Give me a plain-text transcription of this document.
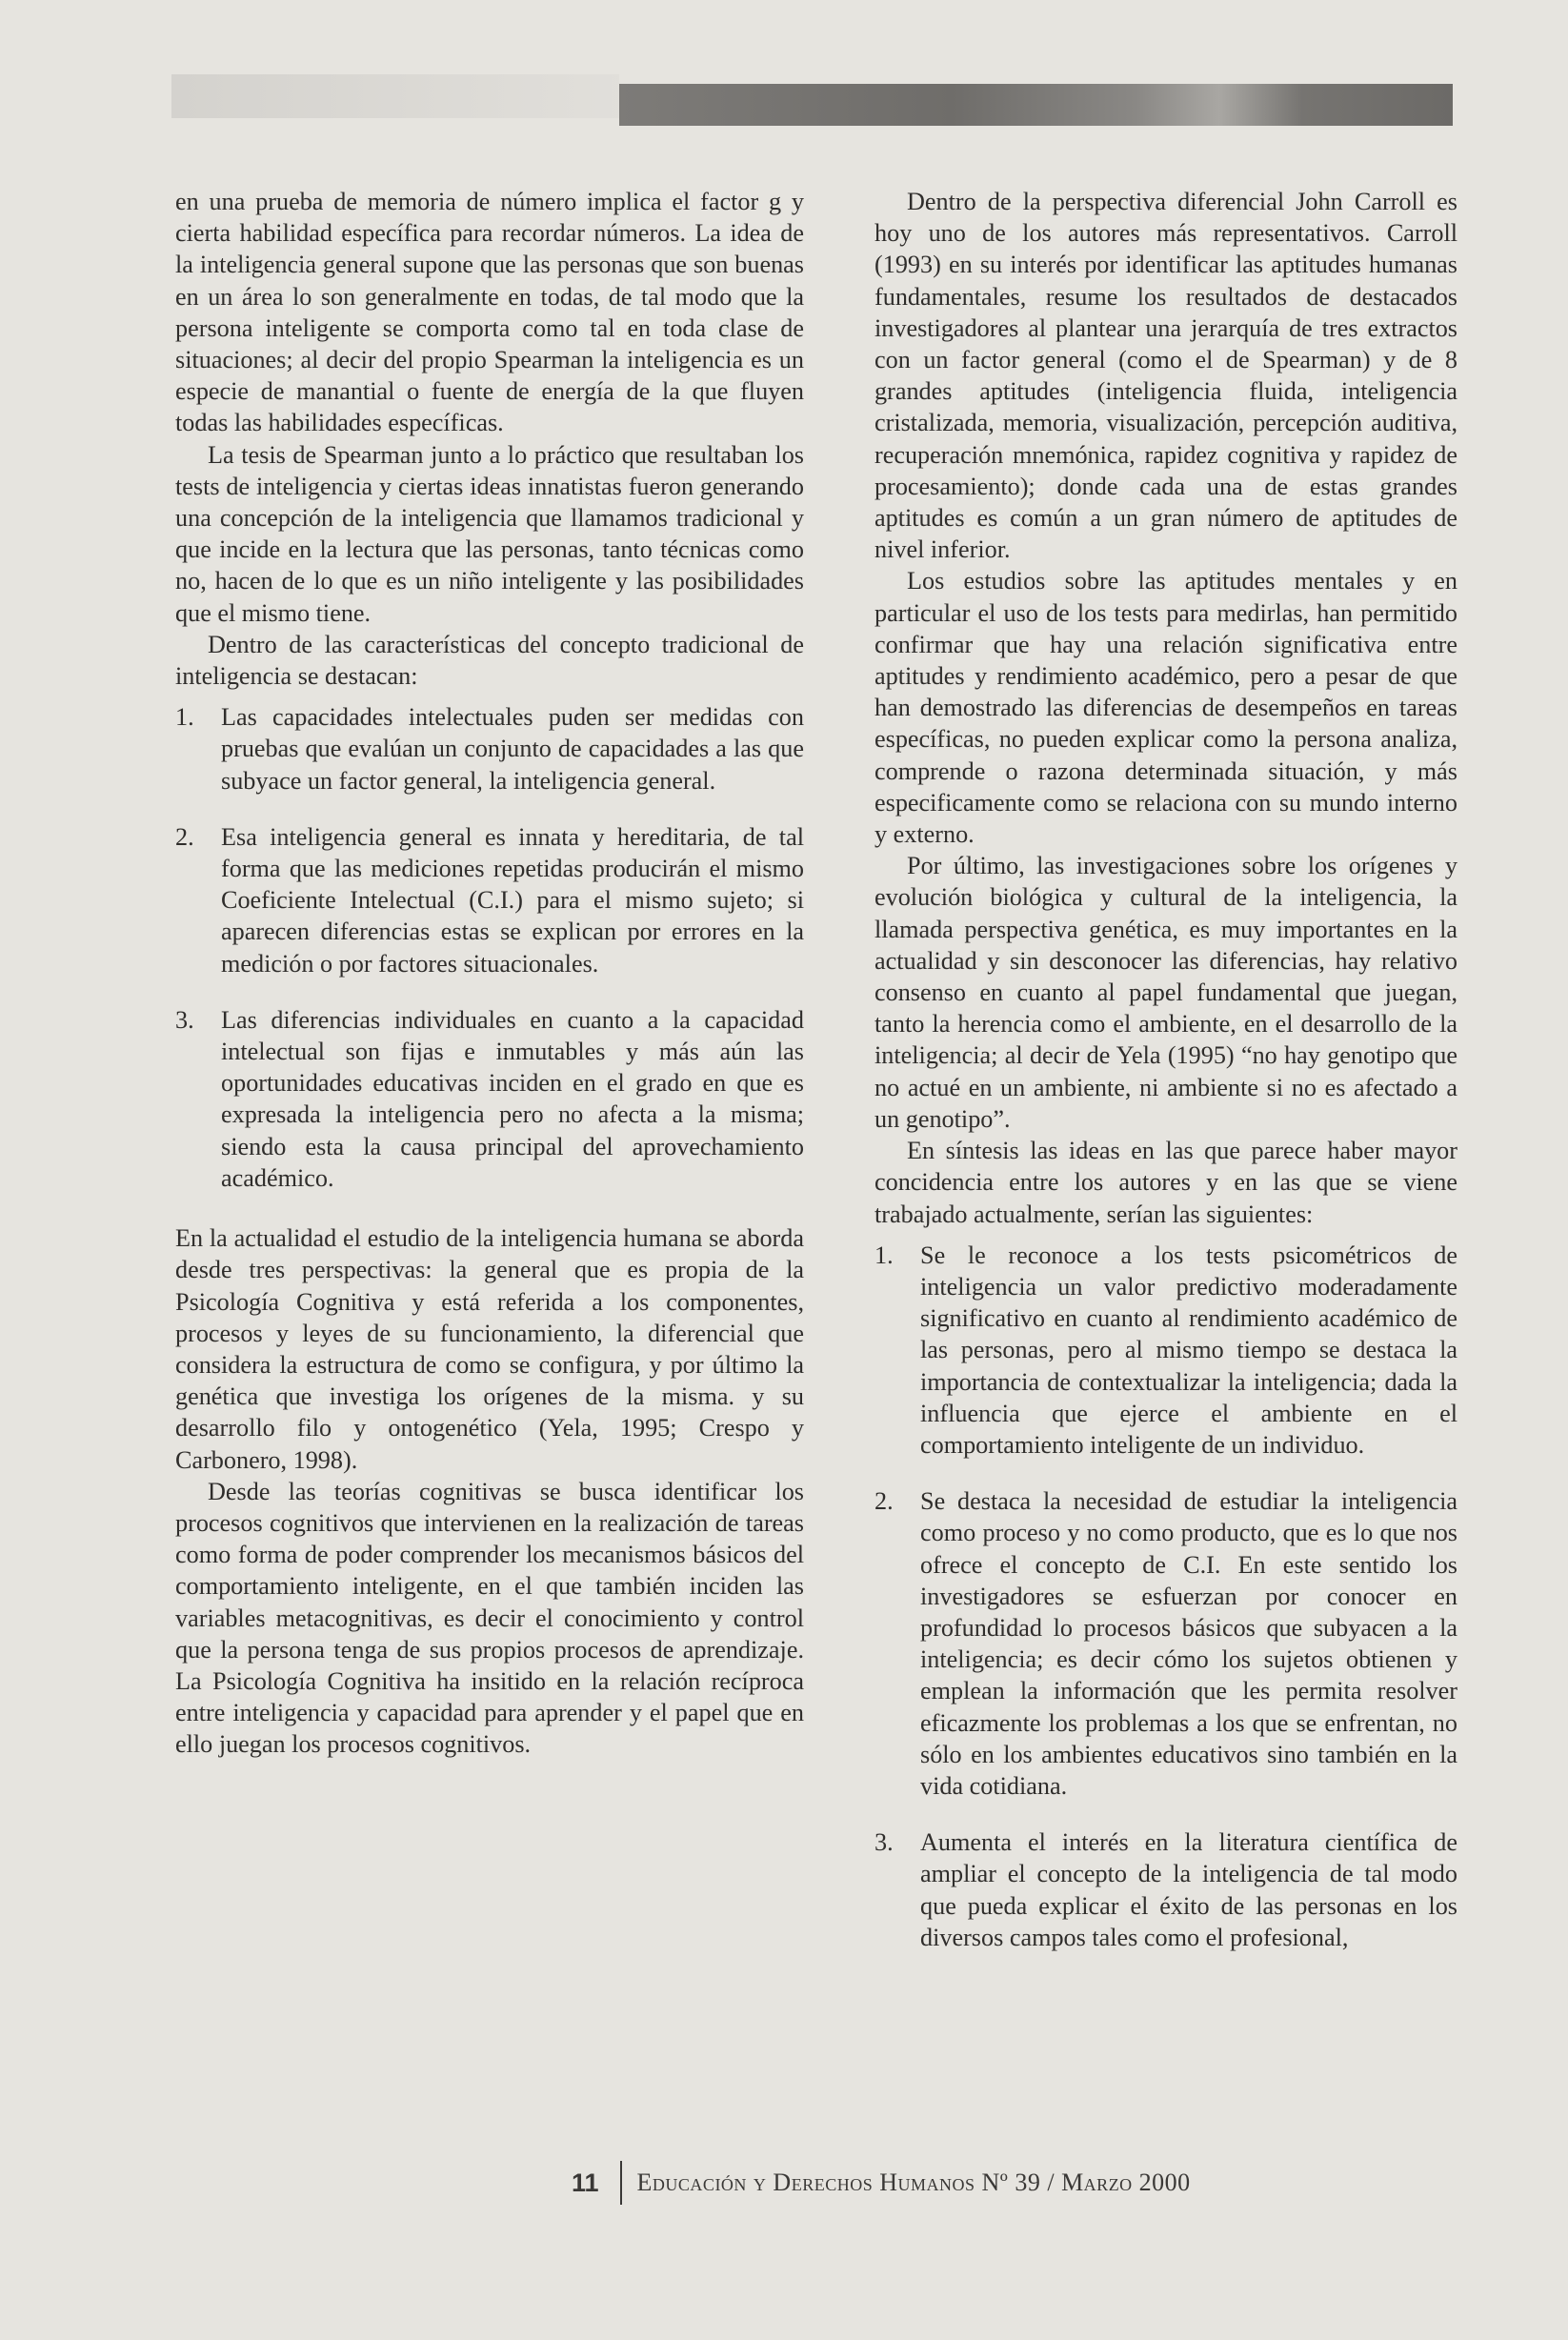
en una prueba de memoria de número implica el factor g y cierta habilidad específica para recordar números. La idea de la inteligencia general supone que las personas que son buenas en un área lo son generalmente en todas, de tal modo que la persona inteligente se comporta como tal en toda clase de situaciones; al decir del propio Spearman la inteligencia es un especie de manantial o fuente de energía de la que fluyen todas las habilidades específicas.

La tesis de Spearman junto a lo práctico que resultaban los tests de inteligencia y ciertas ideas innatistas fueron generando una concepción de la inteligencia que llamamos tradicional y que incide en la lectura que las personas, tanto técnicas como no, hacen de lo que es un niño inteligente y las posibilidades que el mismo tiene.

Dentro de las características del concepto tradicional de inteligencia se destacan:

1. Las capacidades intelectuales puden ser medidas con pruebas que evalúan un conjunto de capacidades a las que subyace un factor general, la inteligencia general.
2. Esa inteligencia general es innata y hereditaria, de tal forma que las mediciones repetidas producirán el mismo Coeficiente Intelectual (C.I.) para el mismo sujeto; si aparecen diferencias estas se explican por errores en la medición o por factores situacionales.
3. Las diferencias individuales en cuanto a la capacidad intelectual son fijas e inmutables y más aún las oportunidades educativas inciden en el grado en que es expresada la inteligencia pero no afecta a la misma; siendo esta la causa principal del aprovechamiento académico.

En la actualidad el estudio de la inteligencia humana se aborda desde tres perspectivas: la general que es propia de la Psicología Cognitiva y está referida a los componentes, procesos y leyes de su funcionamiento, la diferencial que considera la estructura de como se configura, y por último la genética que investiga los orígenes de la misma. y su desarrollo filo y ontogenético (Yela, 1995; Crespo y Carbonero, 1998).

Desde las teorías cognitivas se busca identificar los procesos cognitivos que intervienen en la realización de tareas como forma de poder comprender los mecanismos básicos del comportamiento inteligente, en el que también inciden las variables metacognitivas, es decir el conocimiento y control que la persona tenga de sus propios procesos de aprendizaje. La Psicología Cognitiva ha insitido en la relación recíproca entre inteligencia y capacidad para aprender y el papel que en ello juegan los procesos cognitivos.

Dentro de la perspectiva diferencial John Carroll es hoy uno de los autores más representativos. Carroll (1993) en su interés por identificar las aptitudes humanas fundamentales, resume los resultados de destacados investigadores al plantear una jerarquía de tres extractos con un factor general (como el de Spearman) y de 8 grandes aptitudes (inteligencia fluida, inteligencia cristalizada, memoria, visualización, percepción auditiva, recuperación mnemónica, rapidez cognitiva y rapidez de procesamiento); donde cada una de estas grandes aptitudes es común a un gran número de aptitudes de nivel inferior.

Los estudios sobre las aptitudes mentales y en particular el uso de los tests para medirlas, han permitido confirmar que hay una relación significativa entre aptitudes y rendimiento académico, pero a pesar de que han demostrado las diferencias de desempeños en tareas específicas, no pueden explicar como la persona analiza, comprende o razona determinada situación, y más especificamente como se relaciona con su mundo interno y externo.

Por último, las investigaciones sobre los orígenes y evolución biológica y cultural de la inteligencia, la llamada perspectiva genética, es muy importantes en la actualidad y sin desconocer las diferencias, hay relativo consenso en cuanto al papel fundamental que juegan, tanto la herencia como el ambiente, en el desarrollo de la inteligencia; al decir de Yela (1995) “no hay genotipo que no actué en un ambiente, ni ambiente si no es afectado a un genotipo”.

En síntesis las ideas en las que parece haber mayor concidencia entre los autores y en las que se viene trabajado actualmente, serían las siguientes:

1. Se le reconoce a los tests psicométricos de inteligencia un valor predictivo moderadamente significativo en cuanto al rendimiento académico de las personas, pero al mismo tiempo se destaca la importancia de contextualizar la inteligencia; dada la influencia que ejerce el ambiente en el comportamiento inteligente de un individuo.
2. Se destaca la necesidad de estudiar la inteligencia como proceso y no como producto, que es lo que nos ofrece el concepto de C.I. En este sentido los investigadores se esfuerzan por conocer en profundidad lo procesos básicos que subyacen a la inteligencia; es decir cómo los sujetos obtienen y emplean la información que les permita resolver eficazmente los problemas a los que se enfrentan, no sólo en los ambientes educativos sino también en la vida cotidiana.
3. Aumenta el interés en la literatura científica de ampliar el concepto de la inteligencia de tal modo que pueda explicar el éxito de las personas en los diversos campos tales como el profesional,
11 Educación y Derechos Humanos Nº 39 / Marzo 2000
